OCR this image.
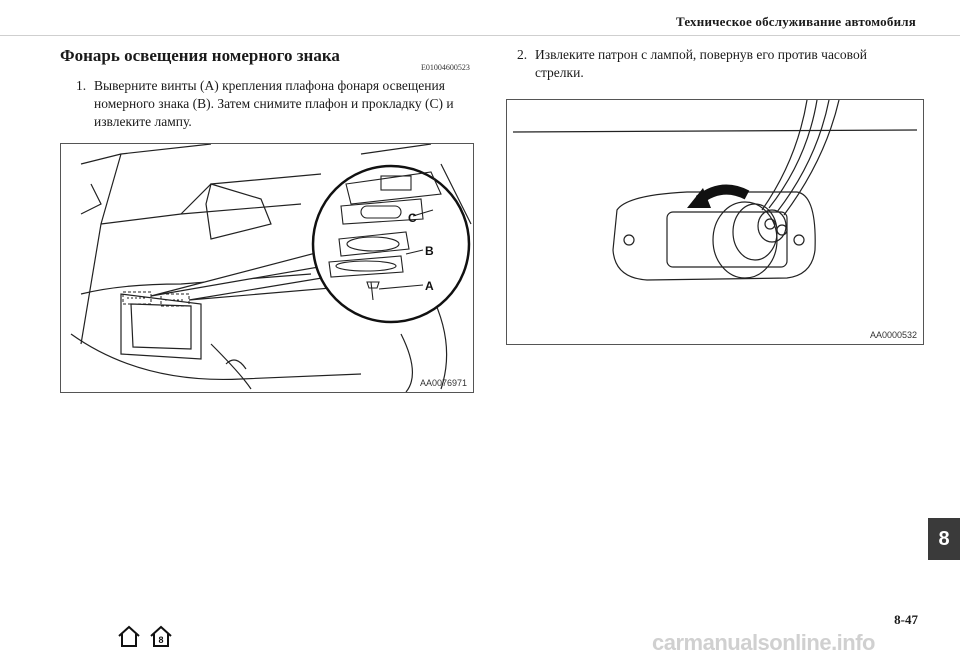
Техническое обслуживание автомобиля
Фонарь освещения номерного знака
E01004600523
1. Выверните винты (A) крепления плафона фонаря освещения номерного знака (B). Затем снимите плафон и прокладку (C) и извлеките лампу.
2. Извлеките патрон с лампой, повернув его против часовой стрелки.
C
B
A
AA0076971
AA0000532
8
8-47
8	carmanualsonline.info
